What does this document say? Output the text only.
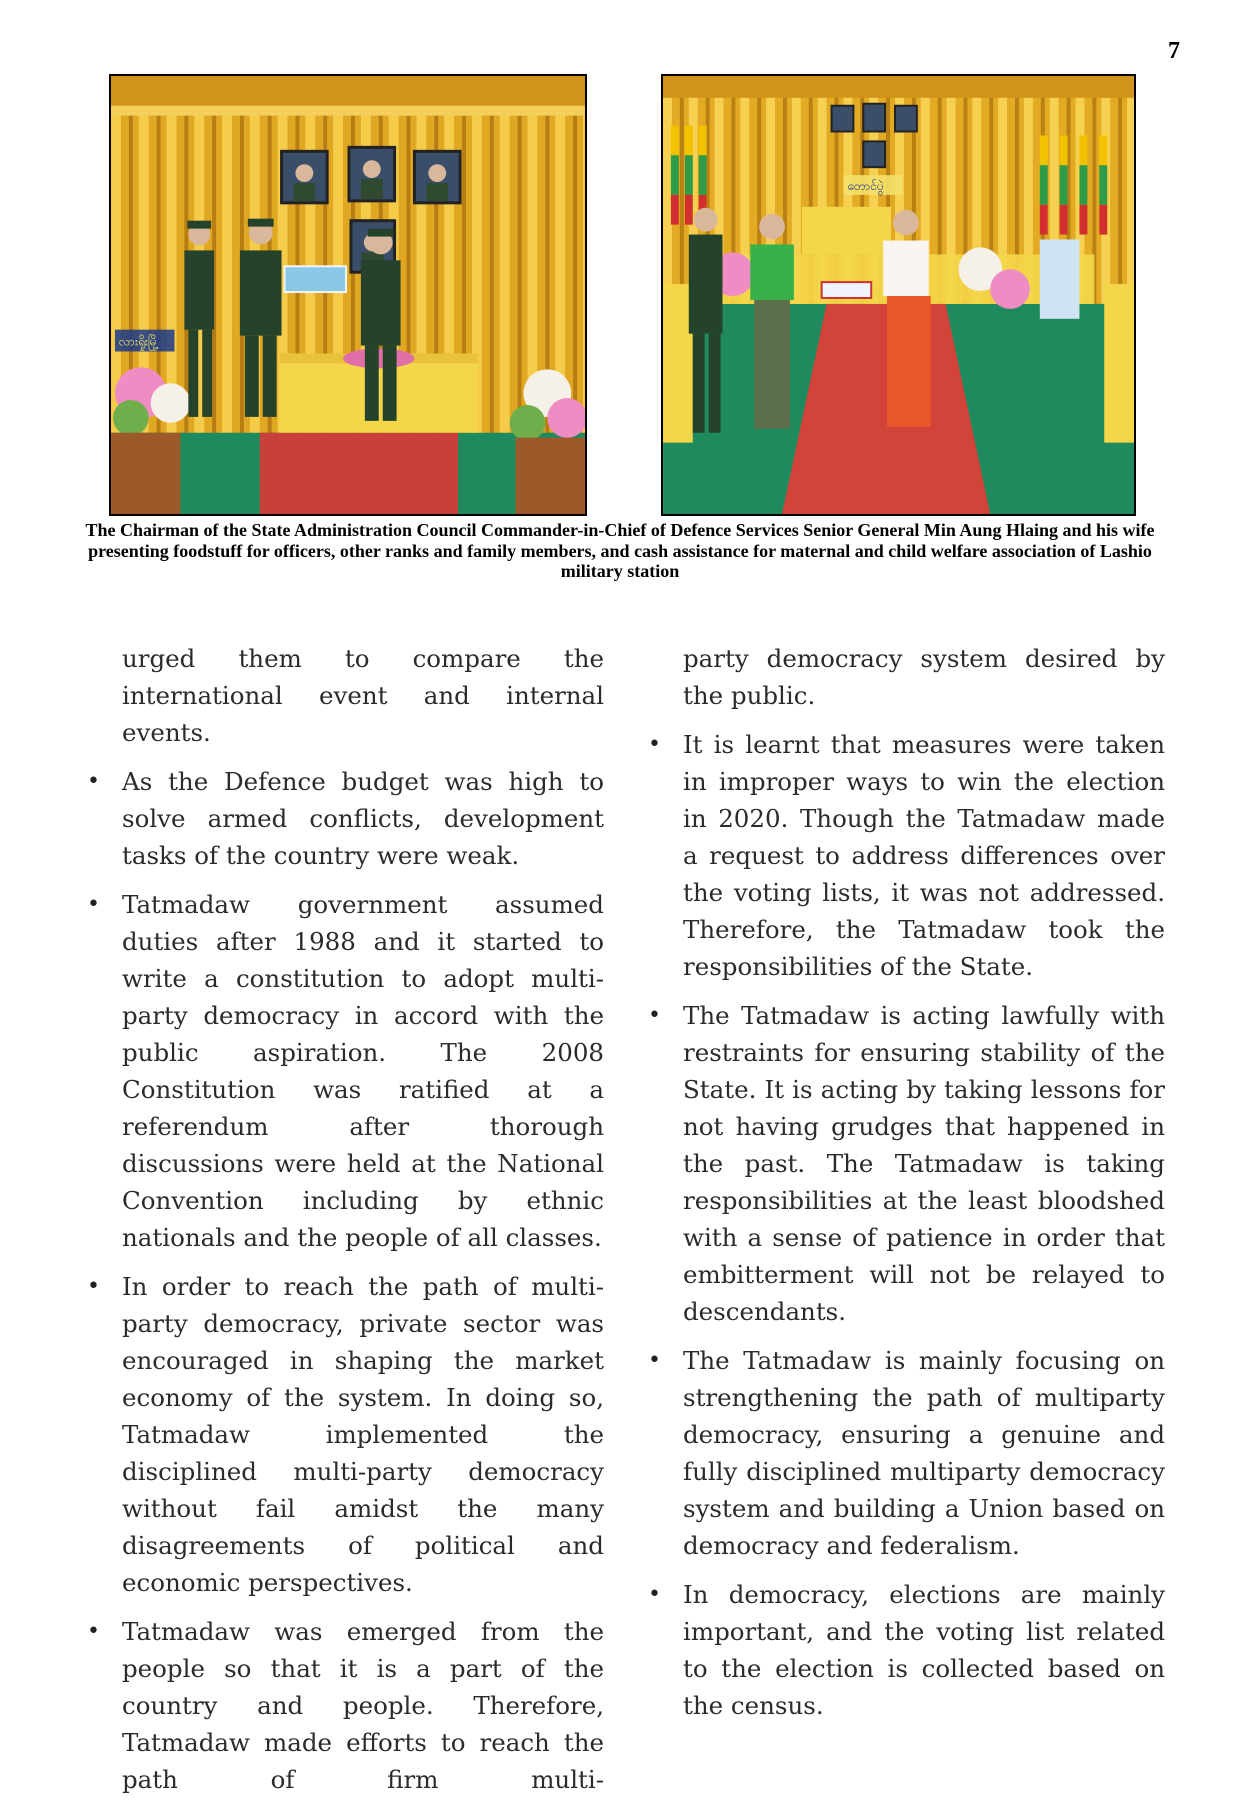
7
လားရှိုးမြို့
တောင်ပွဲ
The Chairman of the State Administration Council Commander-in-Chief of Defence Services Senior General Min Aung Hlaing and his wife presenting foodstuff for officers, other ranks and family members, and cash assistance for maternal and child welfare association of Lashio military station

urged them to compare the international event and internal events.

• As the Defence budget was high to solve armed conflicts, development tasks of the country were weak.
• Tatmadaw government assumed duties after 1988 and it started to write a constitution to adopt multi-party democracy in accord with the public aspiration. The 2008 Constitution was ratified at a referendum after thorough discussions were held at the National Convention including by ethnic nationals and the people of all classes.
• In order to reach the path of multi-party democracy, private sector was encouraged in shaping the market economy of the system. In doing so, Tatmadaw implemented the disciplined multi-party democracy without fail amidst the many disagreements of political and economic perspectives.
• Tatmadaw was emerged from the people so that it is a part of the country and people. Therefore, Tatmadaw made efforts to reach the path of firm multi-

party democracy system desired by the public.

• It is learnt that measures were taken in improper ways to win the election in 2020. Though the Tatmadaw made a request to address differences over the voting lists, it was not addressed. Therefore, the Tatmadaw took the responsibilities of the State.
• The Tatmadaw is acting lawfully with restraints for ensuring stability of the State. It is acting by taking lessons for not having grudges that happened in the past. The Tatmadaw is taking responsibilities at the least bloodshed with a sense of patience in order that embitterment will not be relayed to descendants.
• The Tatmadaw is mainly focusing on strengthening the path of multiparty democracy, ensuring a genuine and fully disciplined multiparty democracy system and building a Union based on democracy and federalism.
• In democracy, elections are mainly important, and the voting list related to the election is collected based on the census.
